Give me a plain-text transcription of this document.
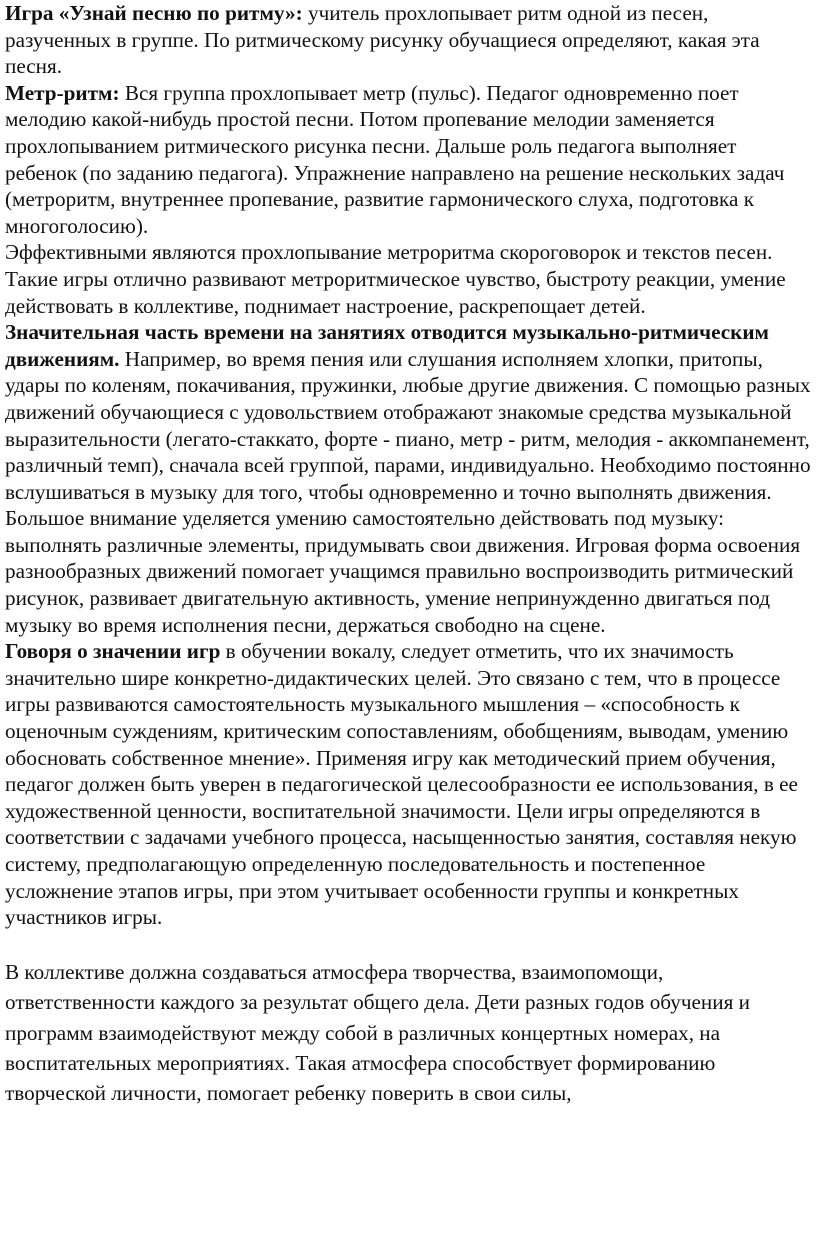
Игра «Узнай песню по ритму»: учитель прохлопывает ритм одной из песен, разученных в группе. По ритмическому рисунку обучащиеся определяют, какая эта песня.

Метр-ритм: Вся группа прохлопывает метр (пульс). Педагог одновременно поет мелодию какой-нибудь простой песни. Потом пропевание мелодии заменяется прохлопыванием ритмического рисунка песни. Дальше роль педагога выполняет ребенок (по заданию педагога). Упражнение направлено на решение нескольких задач (метроритм, внутреннее пропевание, развитие гармонического слуха, подготовка к многоголосию).

Эффективными являются прохлопывание метроритма скороговорок и текстов песен. Такие игры отлично развивают метроритмическое чувство, быстроту реакции, умение действовать в коллективе, поднимает настроение, раскрепощает детей.

Значительная часть времени на занятиях отводится музыкально-ритмическим движениям. Например, во время пения или слушания исполняем хлопки, притопы, удары по коленям, покачивания, пружинки, любые другие движения. С помощью разных движений обучающиеся с удовольствием отображают знакомые средства музыкальной выразительности (легато-стаккато, форте - пиано, метр - ритм, мелодия - аккомпанемент, различный темп), сначала всей группой, парами, индивидуально. Необходимо постоянно вслушиваться в музыку для того, чтобы одновременно и точно выполнять движения. Большое внимание уделяется умению самостоятельно действовать под музыку: выполнять различные элементы, придумывать свои движения. Игровая форма освоения разнообразных движений помогает учащимся правильно воспроизводить ритмический рисунок, развивает двигательную активность, умение непринужденно двигаться под музыку во время исполнения песни, держаться свободно на сцене.

Говоря о значении игр в обучении вокалу, следует отметить, что их значимость значительно шире конкретно-дидактических целей. Это связано с тем, что в процессе игры развиваются самостоятельность музыкального мышления – «способность к оценочным суждениям, критическим сопоставлениям, обобщениям, выводам, умению обосновать собственное мнение». Применяя игру как методический прием обучения, педагог должен быть уверен в педагогической целесообразности ее использования, в ее художественной ценности, воспитательной значимости. Цели игры определяются в соответствии с задачами учебного процесса, насыщенностью занятия, составляя некую систему, предполагающую определенную последовательность и постепенное усложнение этапов игры, при этом учитывает особенности группы и конкретных участников игры.

В коллективе должна создаваться атмосфера творчества, взаимопомощи, ответственности каждого за результат общего дела. Дети разных годов обучения и программ взаимодействуют между собой в различных концертных номерах, на воспитательных мероприятиях. Такая атмосфера способствует формированию творческой личности, помогает ребенку поверить в свои силы,
